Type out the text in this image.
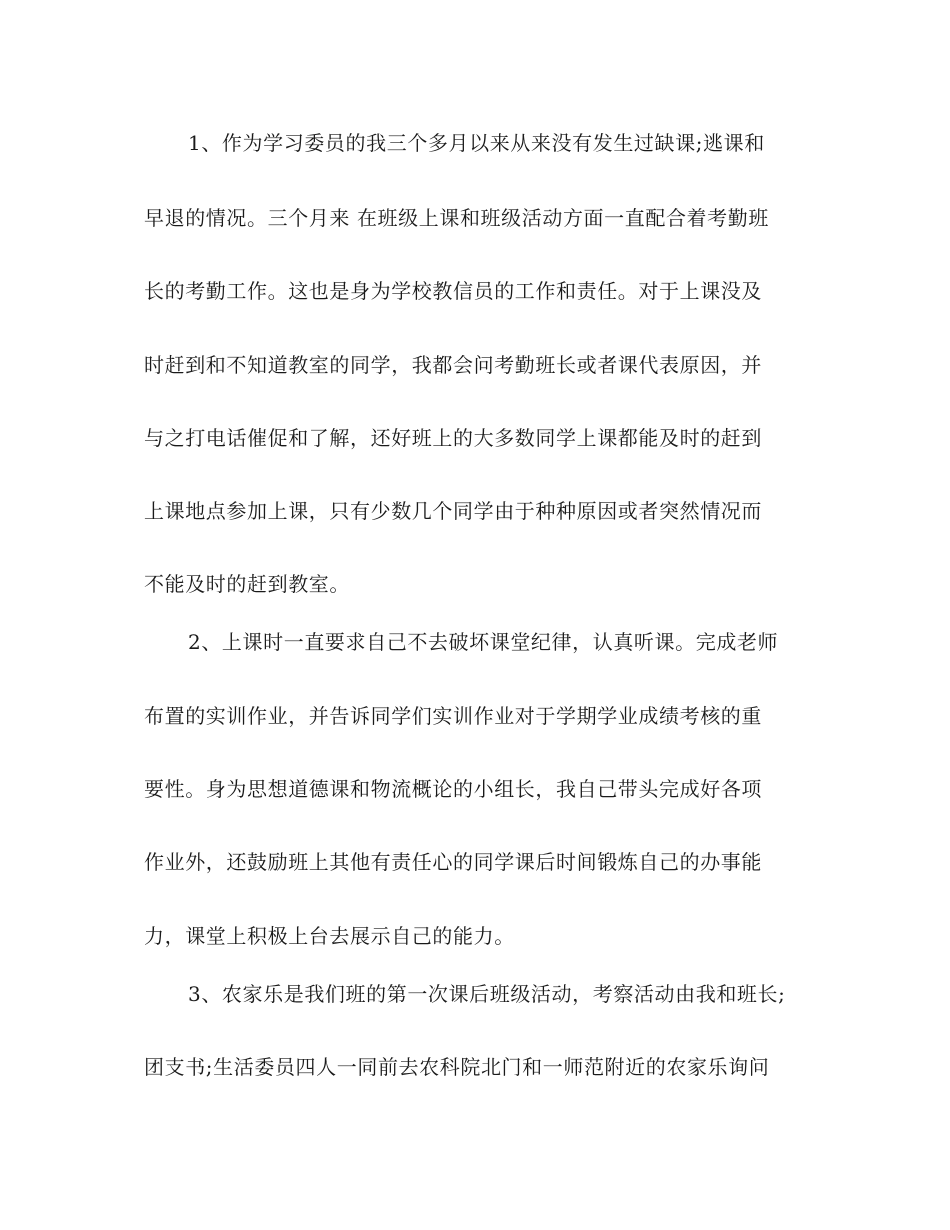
1、作为学习委员的我三个多月以来从来没有发生过缺课;逃课和
早退的情况。三个月来 在班级上课和班级活动方面一直配合着考勤班
长的考勤工作。这也是身为学校教信员的工作和责任。对于上课没及
时赶到和不知道教室的同学，我都会问考勤班长或者课代表原因，并
与之打电话催促和了解，还好班上的大多数同学上课都能及时的赶到
上课地点参加上课，只有少数几个同学由于种种原因或者突然情况而
不能及时的赶到教室。
2、上课时一直要求自己不去破坏课堂纪律，认真听课。完成老师
布置的实训作业，并告诉同学们实训作业对于学期学业成绩考核的重
要性。身为思想道德课和物流概论的小组长，我自己带头完成好各项
作业外，还鼓励班上其他有责任心的同学课后时间锻炼自己的办事能
力，课堂上积极上台去展示自己的能力。
3、农家乐是我们班的第一次课后班级活动，考察活动由我和班长;
团支书;生活委员四人一同前去农科院北门和一师范附近的农家乐询问
